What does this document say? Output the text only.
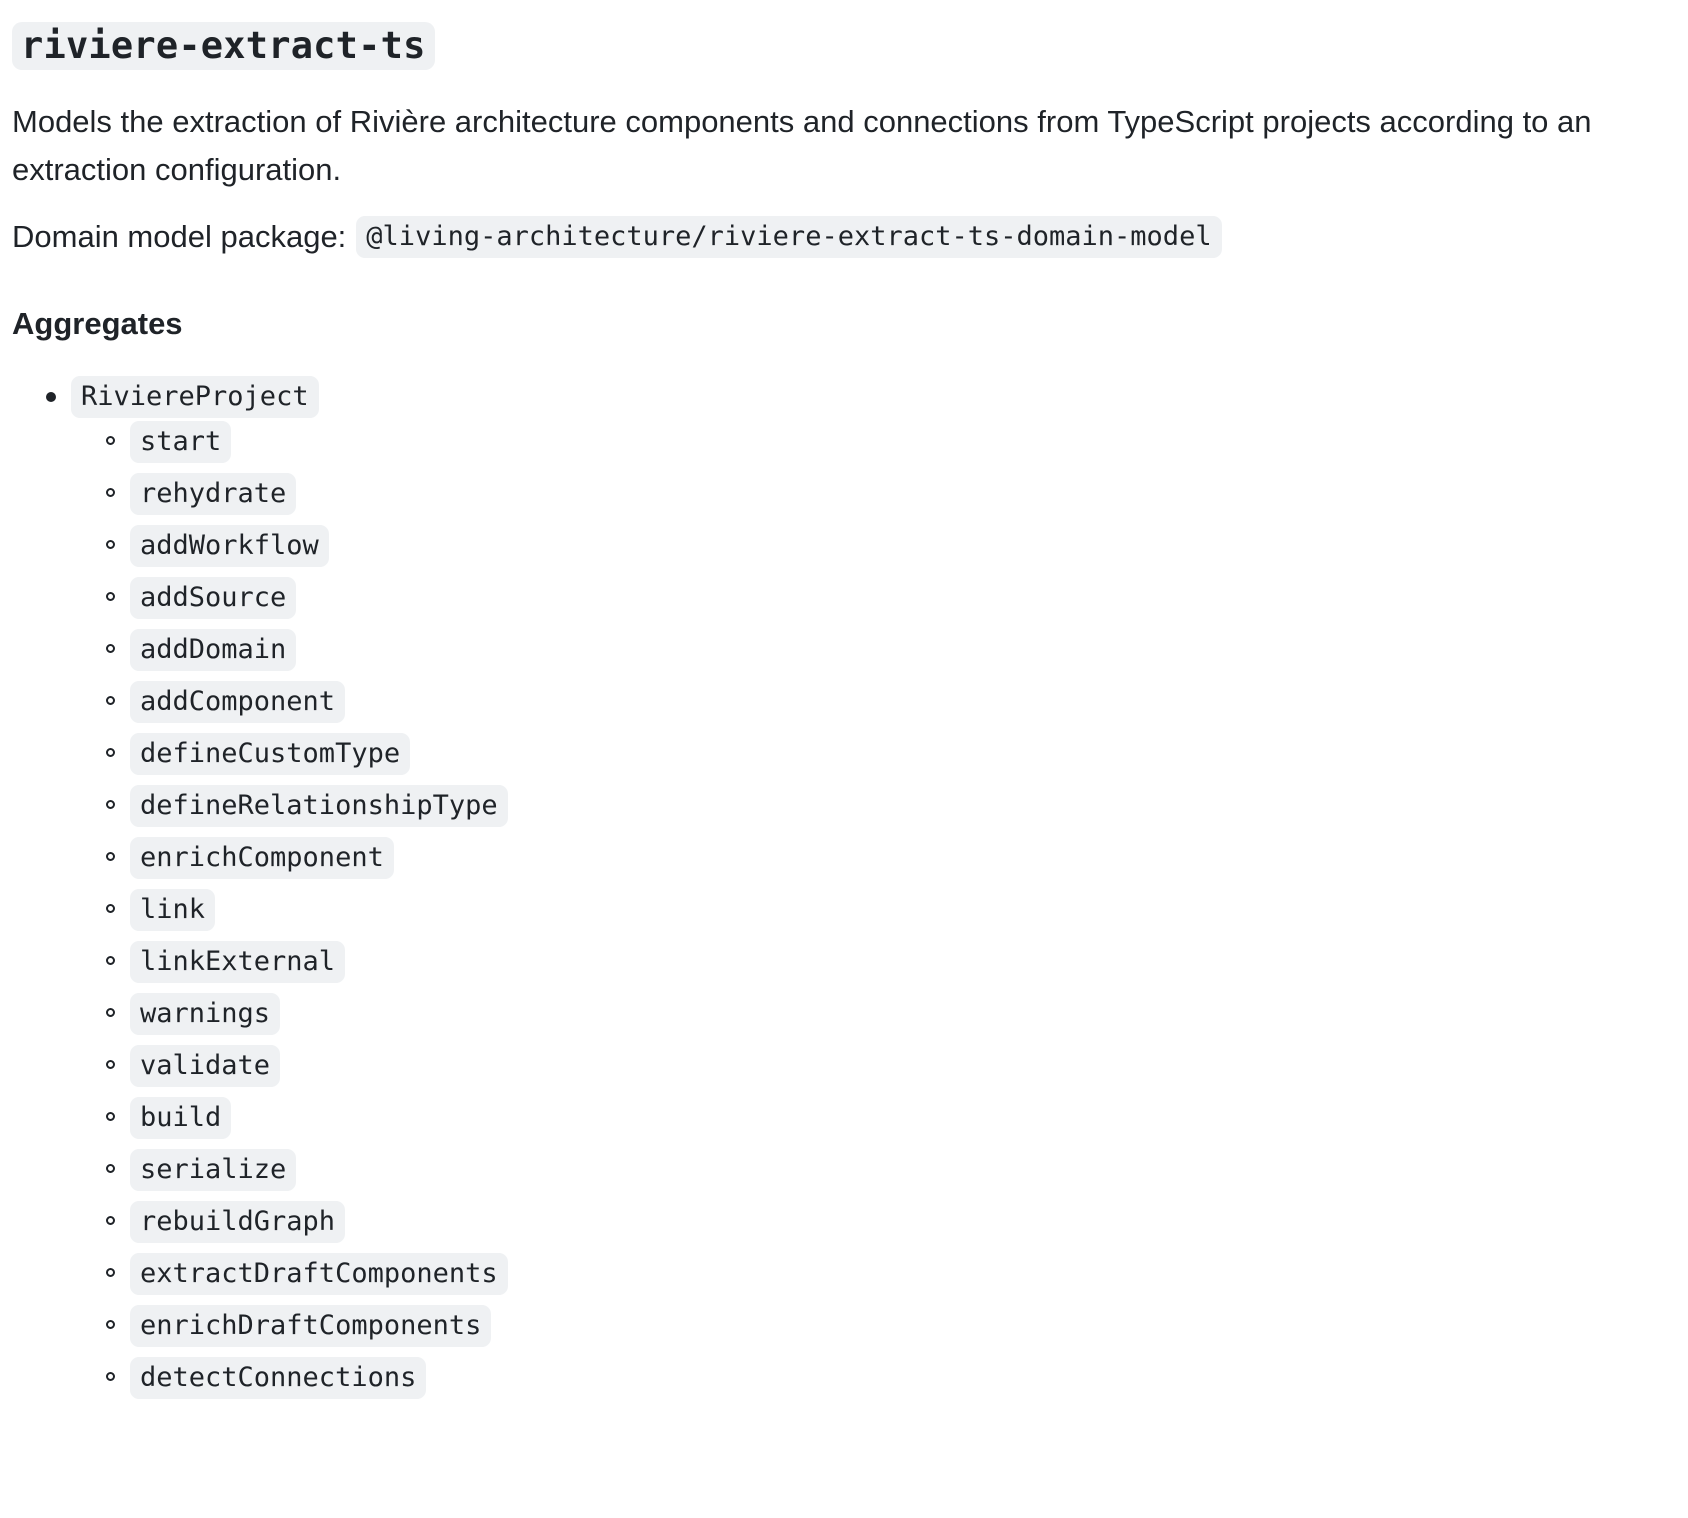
riviere-extract-ts

Models the extraction of Rivière architecture components and connections from TypeScript projects according to an extraction configuration.

Domain model package: @living-architecture/riviere-extract-ts-domain-model

Aggregates
RiviereProject
start
rehydrate
addWorkflow
addSource
addDomain
addComponent
defineCustomType
defineRelationshipType
enrichComponent
link
linkExternal
warnings
validate
build
serialize
rebuildGraph
extractDraftComponents
enrichDraftComponents
detectConnections
